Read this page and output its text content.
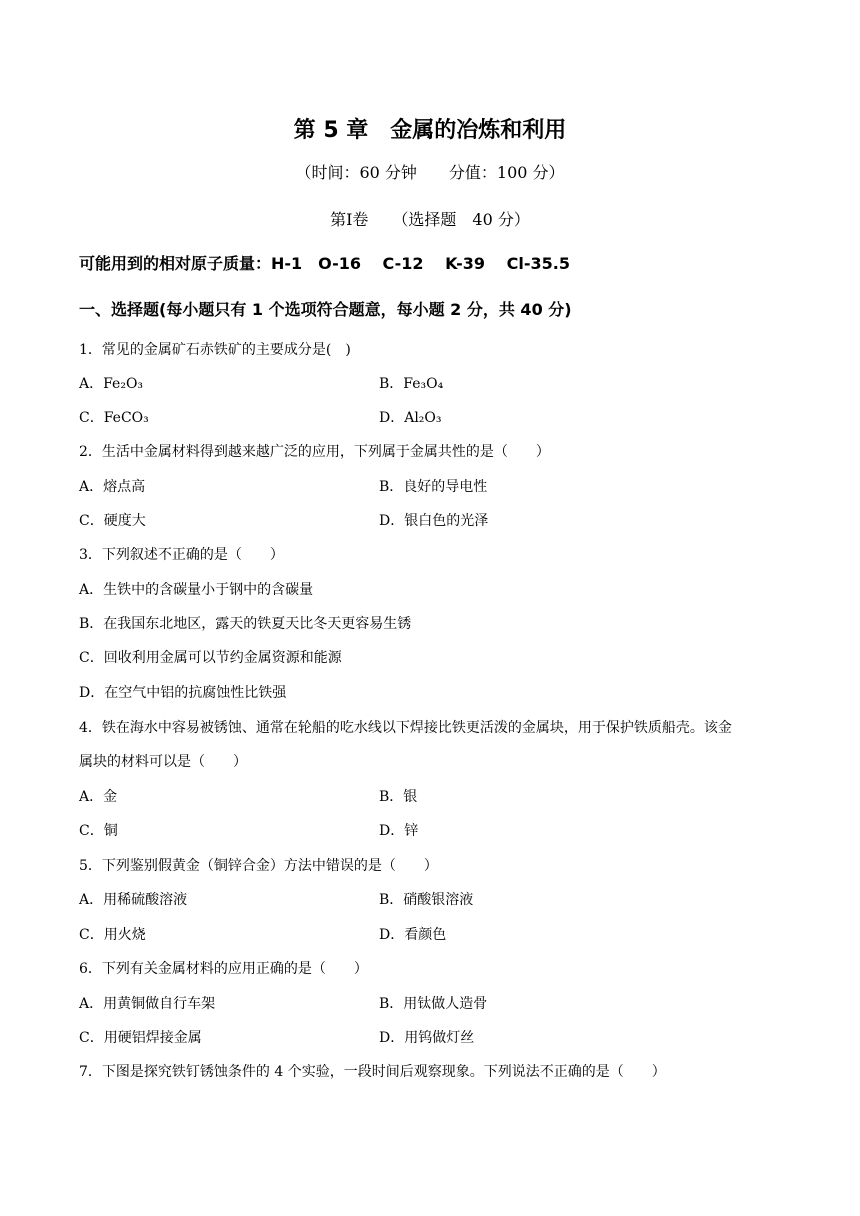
第 5 章　金属的冶炼和利用
（时间：60 分钟　　分值：100 分）
第Ⅰ卷　　（选择题　40 分）
可能用到的相对原子质量：H-1　O-16　 C-12　 K-39　 Cl-35.5
一、选择题(每小题只有 1 个选项符合题意，每小题 2 分，共 40 分)
1．常见的金属矿石赤铁矿的主要成分是(　)
A．Fe₂O₃	B．Fe₃O₄
C．FeCO₃	D．Al₂O₃
2．生活中金属材料得到越来越广泛的应用，下列属于金属共性的是（　　）
A．熔点高	B．良好的导电性
C．硬度大	D．银白色的光泽
3．下列叙述不正确的是（　　）
A．生铁中的含碳量小于钢中的含碳量
B．在我国东北地区，露天的铁夏天比冬天更容易生锈
C．回收利用金属可以节约金属资源和能源
D．在空气中铝的抗腐蚀性比铁强
4．铁在海水中容易被锈蚀、通常在轮船的吃水线以下焊接比铁更活泼的金属块，用于保护铁质船壳。该金
属块的材料可以是（　　）
A．金	B．银
C．铜	D．锌
5．下列鉴别假黄金（铜锌合金）方法中错误的是（　　）
A．用稀硫酸溶液	B．硝酸银溶液
C．用火烧	D．看颜色
6．下列有关金属材料的应用正确的是（　　）
A．用黄铜做自行车架	B．用钛做人造骨
C．用硬铝焊接金属	D．用钨做灯丝
7．下图是探究铁钉锈蚀条件的 4 个实验，一段时间后观察现象。下列说法不正确的是（　　）
